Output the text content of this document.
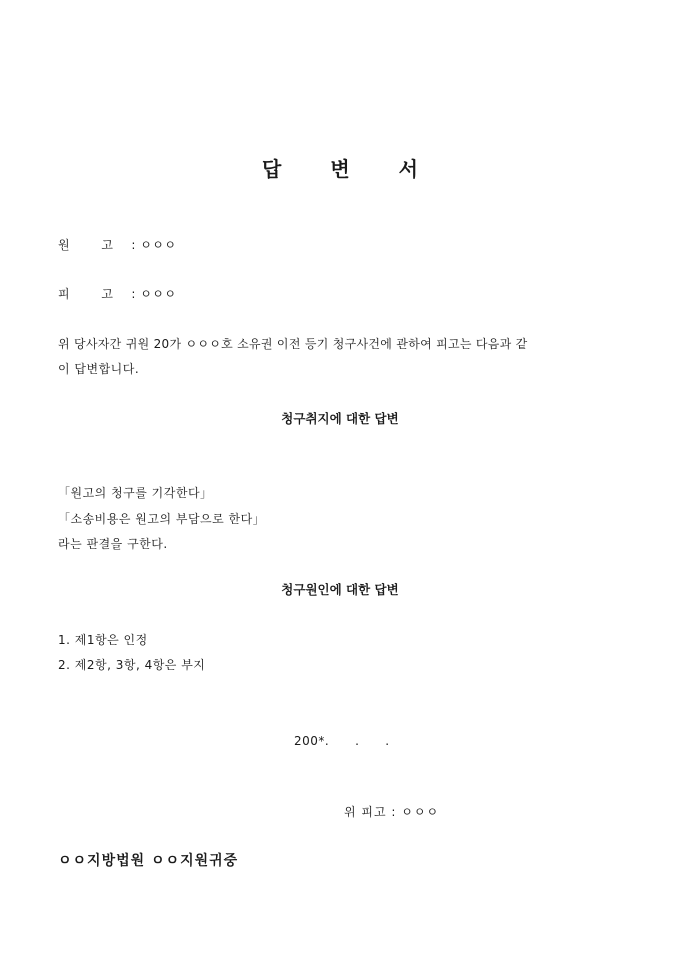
답 변 서
원 고 : ㅇㅇㅇ
피 고 : ㅇㅇㅇ
위 당사자간 귀원 20가 ㅇㅇㅇ호 소유권 이전 등기 청구사건에 관하여 피고는 다음과 같
이 답변합니다.
청구취지에 대한 답변
「원고의 청구를 기각한다」
「소송비용은 원고의 부담으로 한다」
라는 판결을 구한다.
청구원인에 대한 답변
1. 제1항은 인정
2. 제2항, 3항, 4항은 부지
200*.      .      .
위 피고 : ㅇㅇㅇ
ㅇㅇ지방법원 ㅇㅇ지원귀중
